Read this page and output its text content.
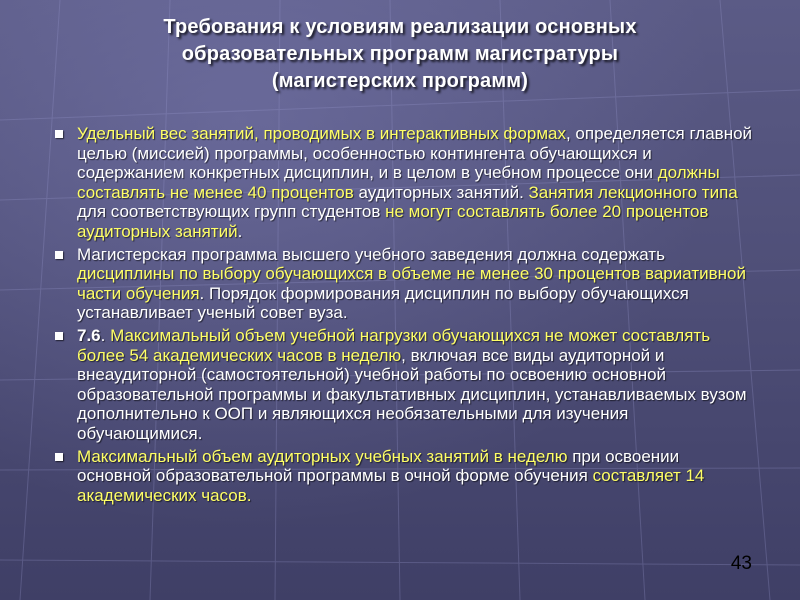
Требования к условиям реализации основных
образовательных программ магистратуры
(магистерских программ)
Удельный вес занятий, проводимых в интерактивных формах, определяется главной целью (миссией) программы, особенностью контингента обучающихся и содержанием конкретных дисциплин, и в целом в учебном процессе они должны составлять не менее 40 процентов аудиторных занятий. Занятия лекционного типа для соответствующих групп студентов не могут составлять более 20 процентов аудиторных занятий.
Магистерская программа высшего учебного заведения должна содержать дисциплины по выбору обучающихся в объеме не менее 30 процентов вариативной части обучения. Порядок формирования дисциплин по выбору обучающихся устанавливает ученый совет вуза.
7.6. Максимальный объем учебной нагрузки обучающихся не может составлять более 54 академических часов в неделю, включая все виды аудиторной и внеаудиторной (самостоятельной) учебной работы по освоению основной образовательной программы и факультативных дисциплин, устанавливаемых вузом дополнительно к ООП и являющихся необязательными для изучения обучающимися.
Максимальный объем аудиторных учебных занятий в неделю при освоении основной образовательной программы в очной форме обучения составляет 14 академических часов.
43
